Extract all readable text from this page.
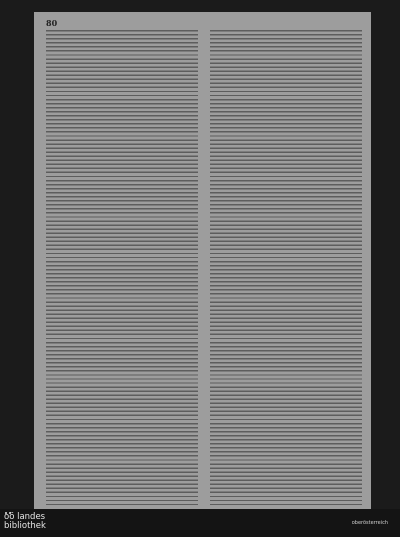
80
oö landes
bibliothek	oberösterreich
